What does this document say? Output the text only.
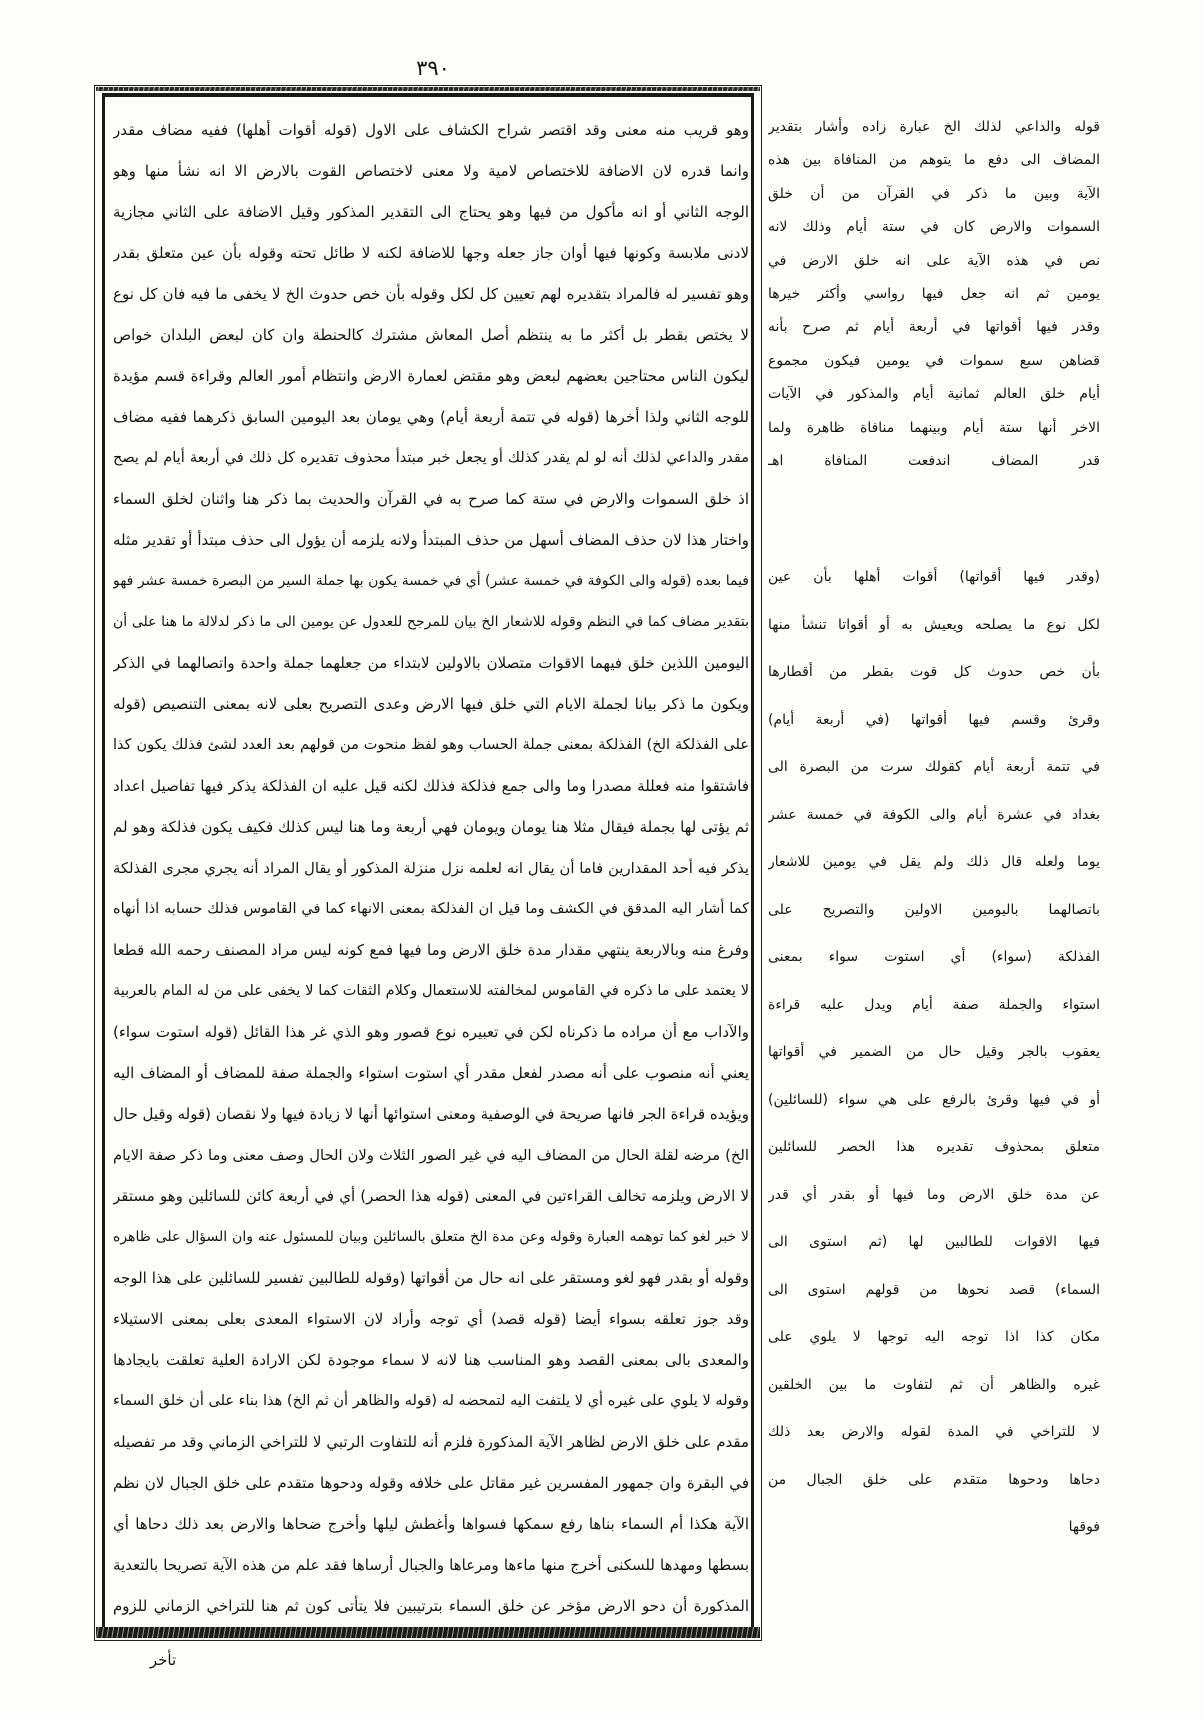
٣٩٠
وهو قريب منه معنى وقد اقتصر شراح الكشاف على الاول (قوله أقوات أهلها) ففيه مضاف مقدر
وانما قدره لان الاضافة للاختصاص لامية ولا معنى لاختصاص القوت بالارض الا انه نشأ منها وهو
الوجه الثاني أو انه مأكول من فيها وهو يحتاج الى التقدير المذكور وقيل الاضافة على الثاني مجازية
لادنى ملابسة وكونها فيها أوان جاز جعله وجها للاضافة لكنه لا طائل تحته وقوله بأن عين متعلق بقدر
وهو تفسير له فالمراد بتقديره لهم تعيين كل لكل وقوله بأن خص حدوث الخ لا يخفى ما فيه فان كل نوع
لا يختص بقطر بل أكثر ما به ينتظم أصل المعاش مشترك كالحنطة وان كان لبعض البلدان خواص
ليكون الناس محتاجين بعضهم لبعض وهو مقتض لعمارة الارض وانتظام أمور العالم وقراءة قسم مؤيدة
للوجه الثاني ولذا أخرها (قوله في تتمة أربعة أيام) وهي يومان بعد اليومين السابق ذكرهما ففيه مضاف
مقدر والداعي لذلك أنه لو لم يقدر كذلك أو يجعل خبر مبتدأ محذوف تقديره كل ذلك في أربعة أيام لم يصح
اذ خلق السموات والارض في ستة كما صرح به في القرآن والحديث بما ذكر هنا واثنان لخلق السماء
واختار هذا لان حذف المضاف أسهل من حذف المبتدأ ولانه يلزمه أن يؤول الى حذف مبتدأ أو تقدير مثله
فيما بعده (قوله والى الكوفة في خمسة عشر) أي في خمسة يكون بها جملة السير من البصرة خمسة عشر فهو
بتقدير مضاف كما في النظم وقوله للاشعار الخ بيان للمرجح للعدول عن يومين الى ما ذكر لدلالة ما هنا على أن
اليومين اللذين خلق فيهما الاقوات متصلان بالاولين لابتداء من جعلهما جملة واحدة واتصالهما في الذكر
ويكون ما ذكر بيانا لجملة الايام التي خلق فيها الارض وعدى التصريح بعلى لانه بمعنى التنصيص (قوله
على الفذلكة الخ) الفذلكة بمعنى جملة الحساب وهو لفظ منحوت من قولهم بعد العدد لشئ فذلك يكون كذا
فاشتقوا منه فعللة مصدرا وما والى جمع فذلكة فذلك لكنه قيل عليه ان الفذلكة يذكر فيها تفاصيل اعداد
ثم يؤتى لها بجملة فيقال مثلا هنا يومان ويومان فهي أربعة وما هنا ليس كذلك فكيف يكون فذلكة وهو لم
يذكر فيه أحد المقدارين فاما أن يقال انه لعلمه نزل منزلة المذكور أو يقال المراد أنه يجري مجرى الفذلكة
كما أشار اليه المدقق في الكشف وما قيل ان الفذلكة بمعنى الانهاء كما في القاموس فذلك حسابه اذا أنهاه
وفرغ منه وبالاربعة ينتهي مقدار مدة خلق الارض وما فيها فمع كونه ليس مراد المصنف رحمه الله قطعا
لا يعتمد على ما ذكره في القاموس لمخالفته للاستعمال وكلام الثقات كما لا يخفى على من له المام بالعربية
والآداب مع أن مراده ما ذكرناه لكن في تعبيره نوع قصور وهو الذي غر هذا القائل (قوله استوت سواء)
يعني أنه منصوب على أنه مصدر لفعل مقدر أي استوت استواء والجملة صفة للمضاف أو المضاف اليه
ويؤيده قراءة الجر فانها صريحة في الوصفية ومعنى استوائها أنها لا زيادة فيها ولا نقصان (قوله وقيل حال
الخ) مرضه لقلة الحال من المضاف اليه في غير الصور الثلاث ولان الحال وصف معنى وما ذكر صفة الايام
لا الارض ويلزمه تخالف القراءتين في المعنى (قوله هذا الحصر) أي في أربعة كائن للسائلين وهو مستقر
لا خبر لغو كما توهمه العبارة وقوله وعن مدة الخ متعلق بالسائلين وبيان للمسئول عنه وان السؤال على ظاهره
وقوله أو بقدر فهو لغو ومستقر على انه حال من أقواتها (وقوله للطالبين تفسير للسائلين على هذا الوجه
وقد جوز تعلقه بسواء أيضا (قوله قصد) أي توجه وأراد لان الاستواء المعدى بعلى بمعنى الاستيلاء
والمعدى بالى بمعنى القصد وهو المناسب هنا لانه لا سماء موجودة لكن الارادة العلية تعلقت بايجادها
وقوله لا يلوي على غيره أي لا يلتفت اليه لتمحضه له (قوله والظاهر أن ثم الخ) هذا بناء على أن خلق السماء
مقدم على خلق الارض لظاهر الآية المذكورة فلزم أنه للتفاوت الرتبي لا للتراخي الزماني وقد مر تفصيله
في البقرة وان جمهور المفسرين غير مقاتل على خلافه وقوله ودحوها متقدم على خلق الجبال لان نظم
الآية هكذا أم السماء بناها رفع سمكها فسواها وأغطش ليلها وأخرج ضحاها والارض بعد ذلك دحاها أي
بسطها ومهدها للسكنى أخرج منها ماءها ومرعاها والجبال أرساها فقد علم من هذه الآية تصريحا بالتعدية
المذكورة أن دحو الارض مؤخر عن خلق السماء بترتيبين فلا يتأتى كون ثم هنا للتراخي الزماني للزوم
قوله والداعي لذلك الخ عبارة زاده وأشار بتقدير
المضاف الى دفع ما يتوهم من المنافاة بين هذه
الآية وبين ما ذكر في القرآن من أن خلق
السموات والارض كان في ستة أيام وذلك لانه
نص في هذه الآية على انه خلق الارض في
يومين ثم انه جعل فيها رواسي وأكثر خيرها
وقدر فيها أقواتها في أربعة أيام ثم صرح بأنه
قضاهن سبع سموات في يومين فيكون مجموع
أيام خلق العالم ثمانية أيام والمذكور في الآيات
الاخر أنها ستة أيام وبينهما منافاة ظاهرة ولما
قدر المضاف اندفعت المنافاة اهـ
(وقدر فيها أقواتها) أقوات أهلها بأن عين
لكل نوع ما يصلحه ويعيش به أو أقواتا تنشأ منها
بأن خص حدوث كل قوت بقطر من أقطارها
وقرئ وقسم فيها أقواتها (في أربعة أيام)
في تتمة أربعة أيام كقولك سرت من البصرة الى
بغداد في عشرة أيام والى الكوفة في خمسة عشر
يوما ولعله قال ذلك ولم يقل في يومين للاشعار
باتصالهما باليومين الاولين والتصريح على
الفذلكة (سواء) أي استوت سواء بمعنى
استواء والجملة صفة أيام ويدل عليه قراءة
يعقوب بالجر وقيل حال من الضمير في أقواتها
أو في فيها وقرئ بالرفع على هي سواء (للسائلين)
متعلق بمحذوف تقديره هذا الحصر للسائلين
عن مدة خلق الارض وما فيها أو بقدر أي قدر
فيها الاقوات للطالبين لها (ثم استوى الى
السماء) قصد نحوها من قولهم استوى الى
مكان كذا اذا توجه اليه توجها لا يلوي على
غيره والظاهر أن ثم لتفاوت ما بين الخلقين
لا للتراخي في المدة لقوله والارض بعد ذلك
دحاها ودحوها متقدم على خلق الجبال من
فوقها
تأخر
